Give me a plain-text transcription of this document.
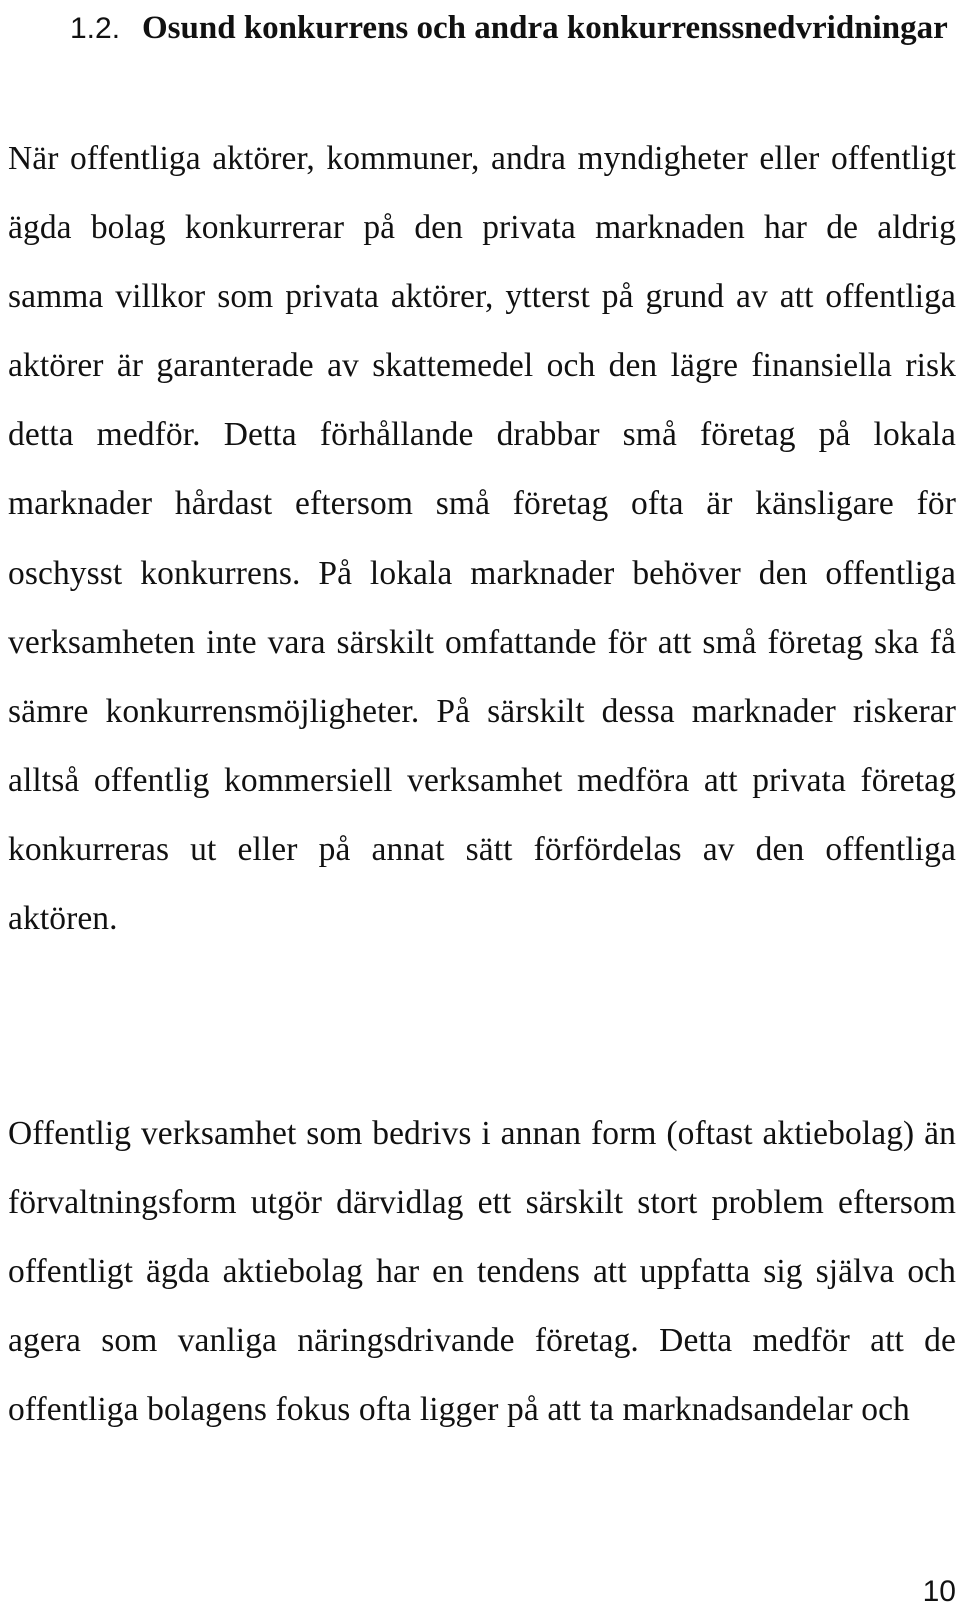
1.2. Osund konkurrens och andra konkurrenssnedvridningar

När offentliga aktörer, kommuner, andra myndigheter eller offentligt ägda bolag konkurrerar på den privata marknaden har de aldrig samma villkor som privata aktörer, ytterst på grund av att offentliga aktörer är garanterade av skattemedel och den lägre finansiella risk detta medför. Detta förhållande drabbar små företag på lokala marknader hårdast eftersom små företag ofta är känsligare för oschysst konkurrens. På lokala marknader behöver den offentliga verksamheten inte vara särskilt omfattande för att små företag ska få sämre konkurrensmöjligheter. På särskilt dessa marknader riskerar alltså offentlig kommersiell verksamhet medföra att privata företag konkurreras ut eller på annat sätt förfördelas av den offentliga aktören.

Offentlig verksamhet som bedrivs i annan form (oftast aktiebolag) än förvaltningsform utgör därvidlag ett särskilt stort problem eftersom offentligt ägda aktiebolag har en tendens att uppfatta sig själva och agera som vanliga näringsdrivande företag. Detta medför att de offentliga bolagens fokus ofta ligger på att ta marknadsandelar och

10
